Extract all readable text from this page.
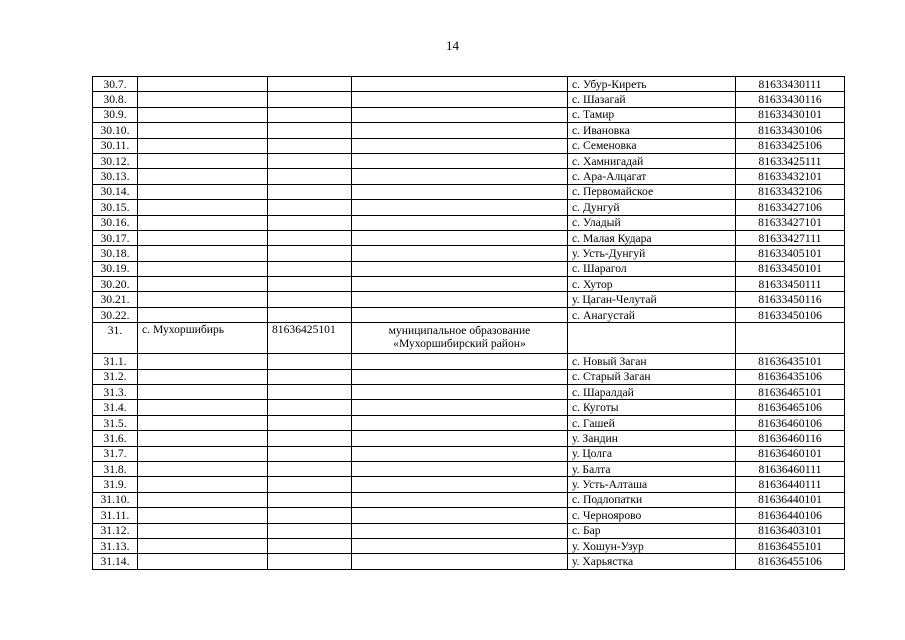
14
30.7.				с. Убур-Киреть	81633430111
30.8.				с. Шазагай	81633430116
30.9.				с. Тамир	81633430101
30.10.				с. Ивановка	81633430106
30.11.				с. Семеновка	81633425106
30.12.				с. Хамнигадай	81633425111
30.13.				с. Ара-Алцагат	81633432101
30.14.				с. Первомайское	81633432106
30.15.				с. Дунгуй	81633427106
30.16.				с. Уладый	81633427101
30.17.				с. Малая Кудара	81633427111
30.18.				у. Усть-Дунгуй	81633405101
30.19.				с. Шарагол	81633450101
30.20.				с. Хутор	81633450111
30.21.				у. Цаган-Челутай	81633450116
30.22.				с. Анагустай	81633450106
31.	с. Мухоршибирь	81636425101	муниципальное образование «Мухоршибирский район»		
31.1.				с. Новый Заган	81636435101
31.2.				с. Старый Заган	81636435106
31.3.				с. Шаралдай	81636465101
31.4.				с. Куготы	81636465106
31.5.				с. Гашей	81636460106
31.6.				у. Зандин	81636460116
31.7.				у. Цолга	81636460101
31.8.				у. Балта	81636460111
31.9.				у. Усть-Алташа	81636440111
31.10.				с. Подлопатки	81636440101
31.11.				с. Черноярово	81636440106
31.12.				с. Бар	81636403101
31.13.				у. Хошун-Узур	81636455101
31.14.				у. Харьястка	81636455106
